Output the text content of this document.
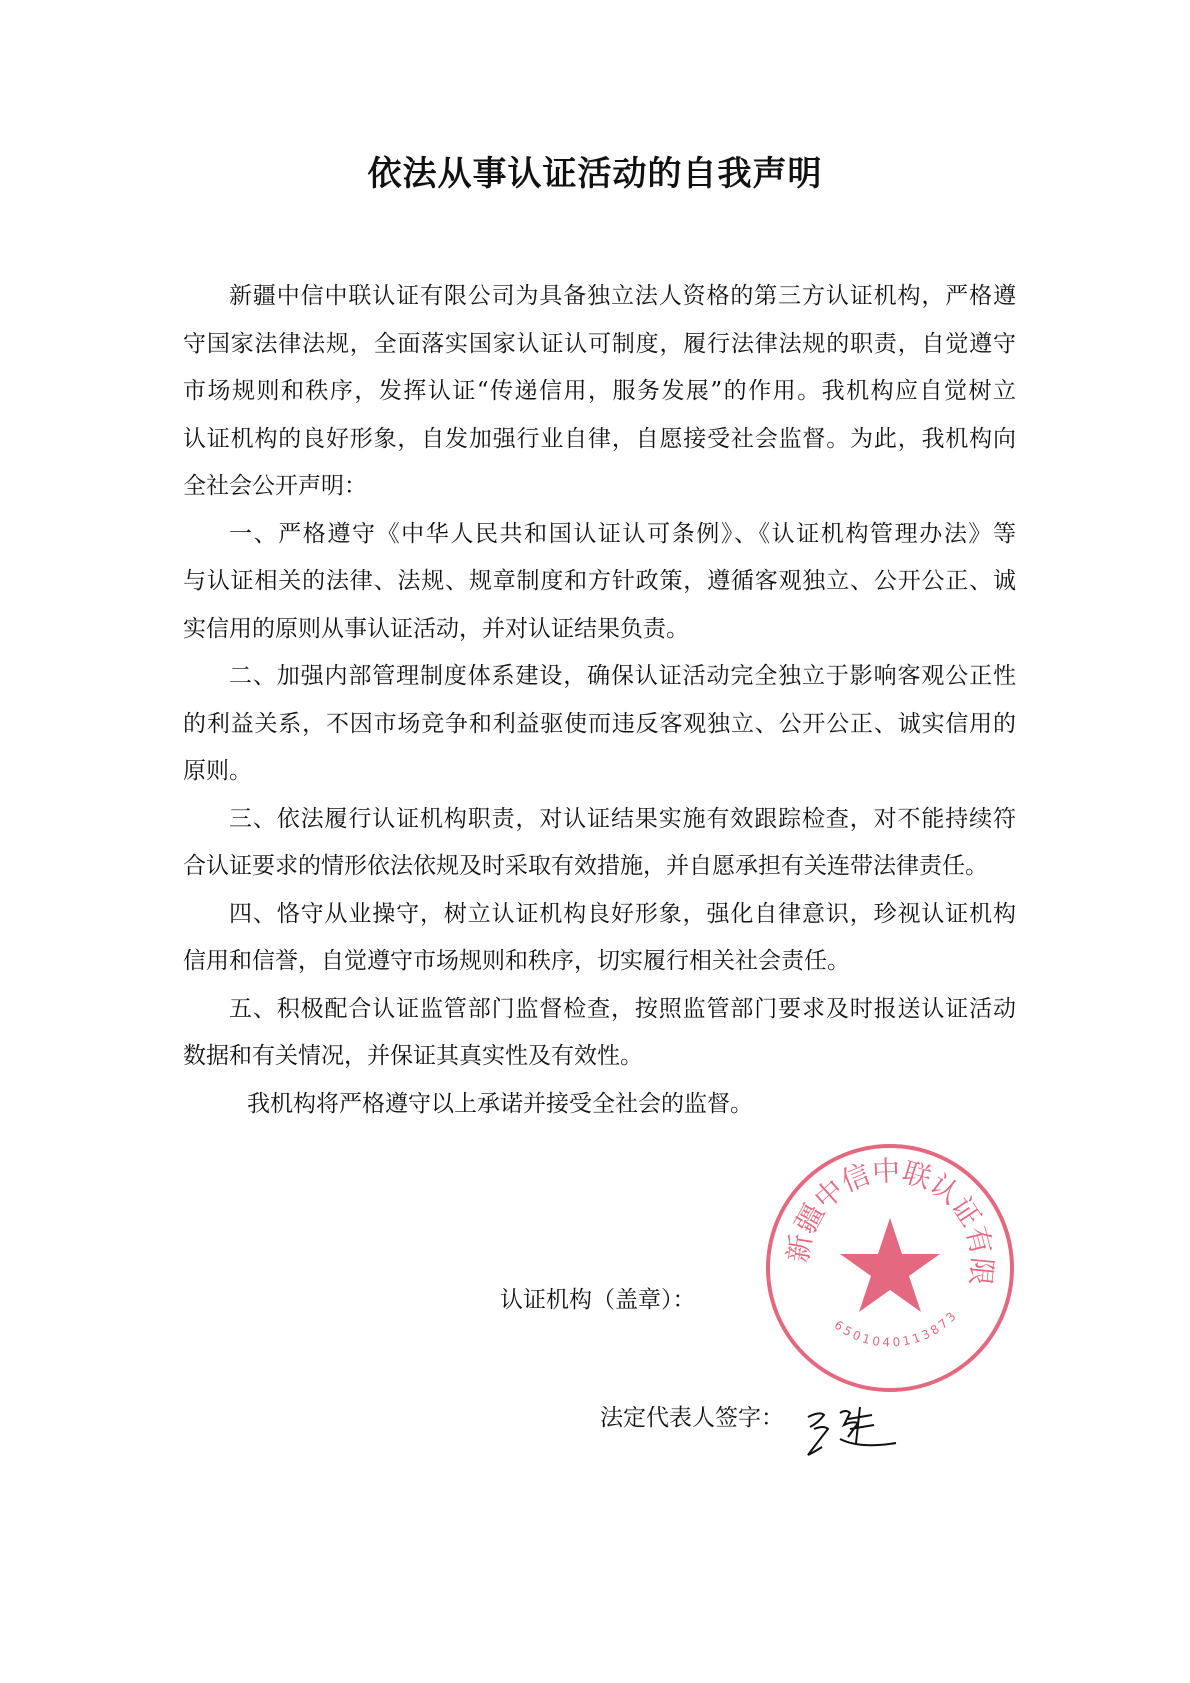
依法从事认证活动的自我声明
新疆中信中联认证有限公司为具备独立法人资格的第三方认证机构，严格遵
守国家法律法规，全面落实国家认证认可制度，履行法律法规的职责，自觉遵守
市场规则和秩序，发挥认证“传递信用，服务发展”的作用。我机构应自觉树立
认证机构的良好形象，自发加强行业自律，自愿接受社会监督。为此，我机构向
全社会公开声明：
一、严格遵守《中华人民共和国认证认可条例》、《认证机构管理办法》等
与认证相关的法律、法规、规章制度和方针政策，遵循客观独立、公开公正、诚
实信用的原则从事认证活动，并对认证结果负责。
二、加强内部管理制度体系建设，确保认证活动完全独立于影响客观公正性
的利益关系，不因市场竞争和利益驱使而违反客观独立、公开公正、诚实信用的
原则。
三、依法履行认证机构职责，对认证结果实施有效跟踪检查，对不能持续符
合认证要求的情形依法依规及时采取有效措施，并自愿承担有关连带法律责任。
四、恪守从业操守，树立认证机构良好形象，强化自律意识，珍视认证机构
信用和信誉，自觉遵守市场规则和秩序，切实履行相关社会责任。
五、积极配合认证监管部门监督检查，按照监管部门要求及时报送认证活动
数据和有关情况，并保证其真实性及有效性。
我机构将严格遵守以上承诺并接受全社会的监督。
认证机构（盖章）：
法定代表人签字：
新疆中信中联认证有限公司
6501040113873
